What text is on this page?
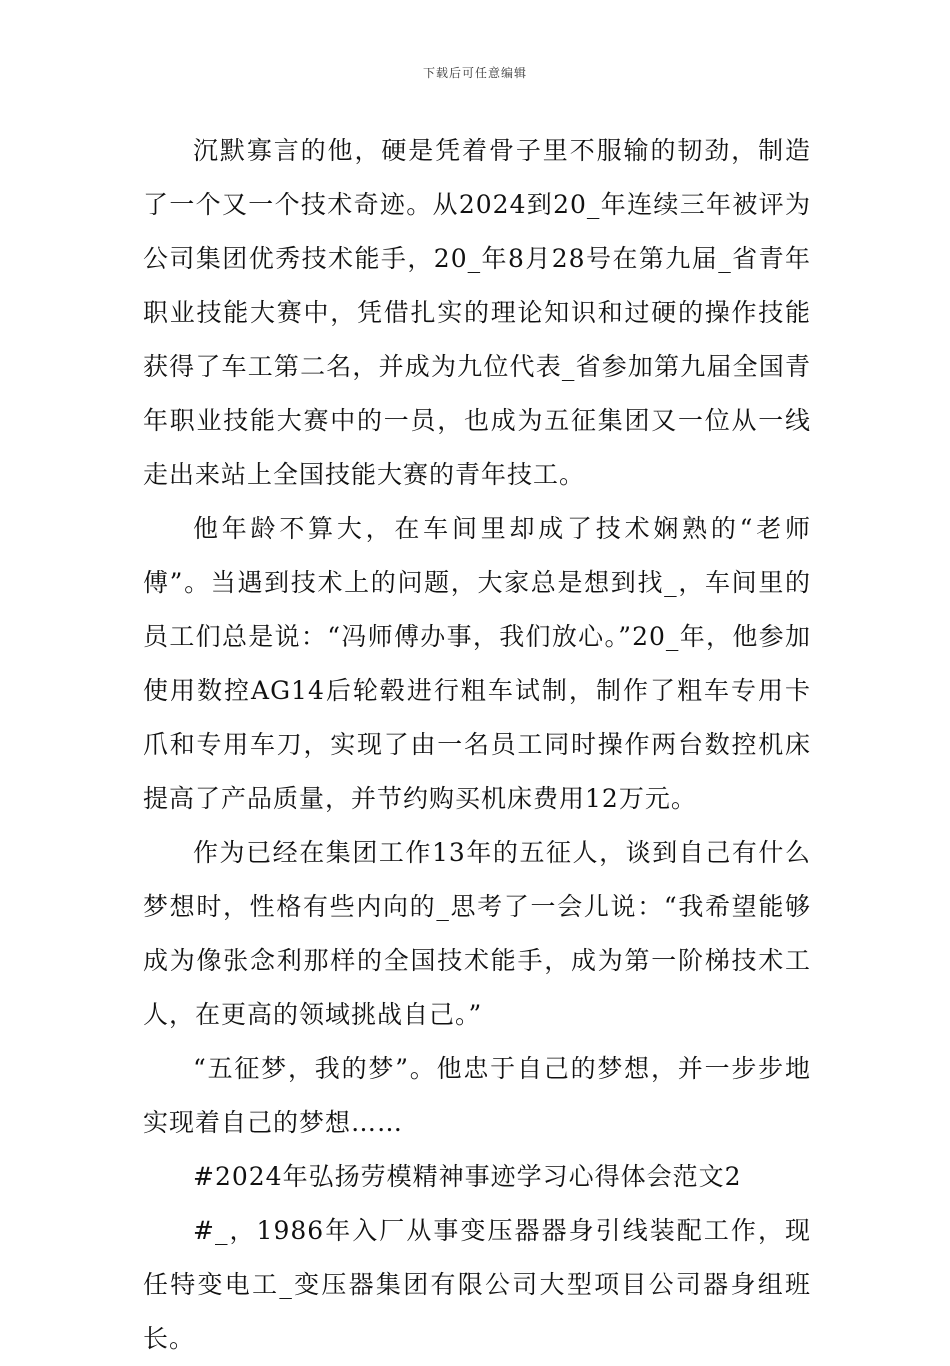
下载后可任意编辑

沉默寡言的他，硬是凭着骨子里不服输的韧劲，制造了一个又一个技术奇迹。从2024到20_年连续三年被评为公司集团优秀技术能手，20_年8月28号在第九届_省青年职业技能大赛中，凭借扎实的理论知识和过硬的操作技能获得了车工第二名，并成为九位代表_省参加第九届全国青年职业技能大赛中的一员，也成为五征集团又一位从一线走出来站上全国技能大赛的青年技工。

他年龄不算大，在车间里却成了技术娴熟的“老师傅”。当遇到技术上的问题，大家总是想到找_，车间里的员工们总是说：“冯师傅办事，我们放心。”20_年，他参加使用数控AG14后轮毂进行粗车试制，制作了粗车专用卡爪和专用车刀，实现了由一名员工同时操作两台数控机床提高了产品质量，并节约购买机床费用12万元。

作为已经在集团工作13年的五征人，谈到自己有什么梦想时，性格有些内向的_思考了一会儿说：“我希望能够成为像张念利那样的全国技术能手，成为第一阶梯技术工人，在更高的领域挑战自己。”

“五征梦，我的梦”。他忠于自己的梦想，并一步步地实现着自己的梦想……

#2024年弘扬劳模精神事迹学习心得体会范文2

#_，1986年入厂从事变压器器身引线装配工作，现任特变电工_变压器集团有限公司大型项目公司器身组班长。
